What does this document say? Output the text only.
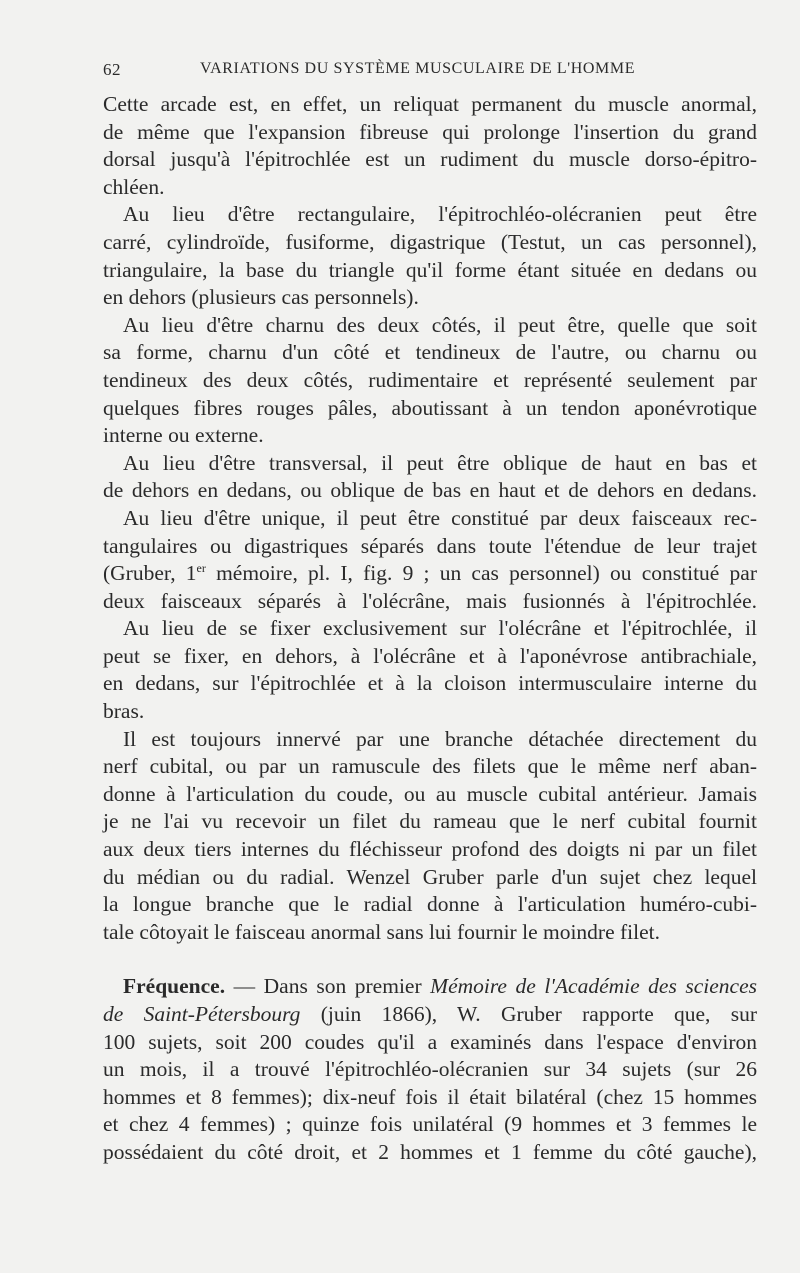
62	VARIATIONS DU SYSTÈME MUSCULAIRE DE L'HOMME
Cette arcade est, en effet, un reliquat permanent du muscle anormal,
de même que l'expansion fibreuse qui prolonge l'insertion du grand
dorsal jusqu'à l'épitrochlée est un rudiment du muscle dorso-épitro-
chléen.
Au lieu d'être rectangulaire, l'épitrochléo-olécranien peut être
carré, cylindroïde, fusiforme, digastrique (Testut, un cas personnel),
triangulaire, la base du triangle qu'il forme étant située en dedans ou
en dehors (plusieurs cas personnels).
Au lieu d'être charnu des deux côtés, il peut être, quelle que soit
sa forme, charnu d'un côté et tendineux de l'autre, ou charnu ou
tendineux des deux côtés, rudimentaire et représenté seulement par
quelques fibres rouges pâles, aboutissant à un tendon aponévrotique
interne ou externe.
Au lieu d'être transversal, il peut être oblique de haut en bas et
de dehors en dedans, ou oblique de bas en haut et de dehors en dedans.
Au lieu d'être unique, il peut être constitué par deux faisceaux rec-
tangulaires ou digastriques séparés dans toute l'étendue de leur trajet
(Gruber, 1er mémoire, pl. I, fig. 9 ; un cas personnel) ou constitué par
deux faisceaux séparés à l'olécrâne, mais fusionnés à l'épitrochlée.
Au lieu de se fixer exclusivement sur l'olécrâne et l'épitrochlée, il
peut se fixer, en dehors, à l'olécrâne et à l'aponévrose antibrachiale,
en dedans, sur l'épitrochlée et à la cloison intermusculaire interne du
bras.
Il est toujours innervé par une branche détachée directement du
nerf cubital, ou par un ramuscule des filets que le même nerf aban-
donne à l'articulation du coude, ou au muscle cubital antérieur. Jamais
je ne l'ai vu recevoir un filet du rameau que le nerf cubital fournit
aux deux tiers internes du fléchisseur profond des doigts ni par un filet
du médian ou du radial. Wenzel Gruber parle d'un sujet chez lequel
la longue branche que le radial donne à l'articulation huméro-cubi-
tale côtoyait le faisceau anormal sans lui fournir le moindre filet.
Fréquence. — Dans son premier Mémoire de l'Académie des sciences
de Saint-Pétersbourg (juin 1866), W. Gruber rapporte que, sur
100 sujets, soit 200 coudes qu'il a examinés dans l'espace d'environ
un mois, il a trouvé l'épitrochléo-olécranien sur 34 sujets (sur 26
hommes et 8 femmes); dix-neuf fois il était bilatéral (chez 15 hommes
et chez 4 femmes) ; quinze fois unilatéral (9 hommes et 3 femmes le
possédaient du côté droit, et 2 hommes et 1 femme du côté gauche),
